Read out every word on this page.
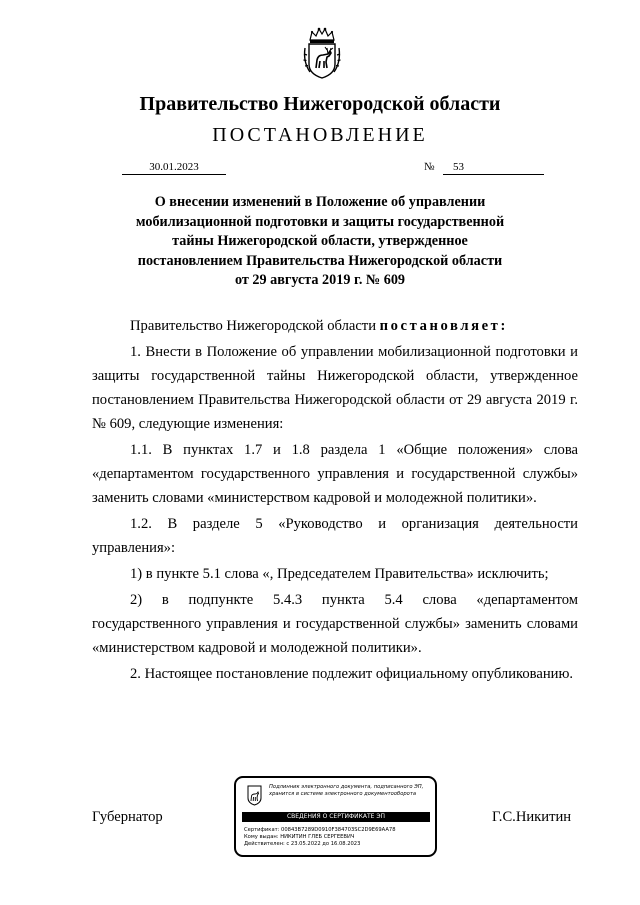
Правительство Нижегородской области
ПОСТАНОВЛЕНИЕ
30.01.2023	№	53
О внесении изменений в Положение об управлении
мобилизационной подготовки и защиты государственной
тайны Нижегородской области, утвержденное
постановлением Правительства Нижегородской области
от 29 августа 2019 г. № 609

Правительство Нижегородской области постановляет:

1. Внести в Положение об управлении мобилизационной подготовки и защиты государственной тайны Нижегородской области, утвержденное постановлением Правительства Нижегородской области от 29 августа 2019 г. № 609, следующие изменения:

1.1. В пунктах 1.7 и 1.8 раздела 1 «Общие положения» слова «департаментом государственного управления и государственной службы» заменить словами «министерством кадровой и молодежной политики».

1.2. В разделе 5 «Руководство и организация деятельности управления»:

1) в пункте 5.1 слова «, Председателем Правительства» исключить;

2) в подпункте 5.4.3 пункта 5.4 слова «департаментом государственного управления и государственной службы» заменить словами «министерством кадровой и молодежной политики».

2. Настоящее постановление подлежит официальному опубликованию.

Губернатор
Подлинник электронного документа, подписанного ЭП,
хранится в системе электронного документооборота
СВЕДЕНИЯ О СЕРТИФИКАТЕ ЭП
Сертификат: 00843B7289D0910F384703SC2D9E69AA78
Кому выдан: НИКИТИН ГЛЕБ СЕРГЕЕВИЧ
Действителен: с 23.05.2022 до 16.08.2023
Г.С.Никитин
